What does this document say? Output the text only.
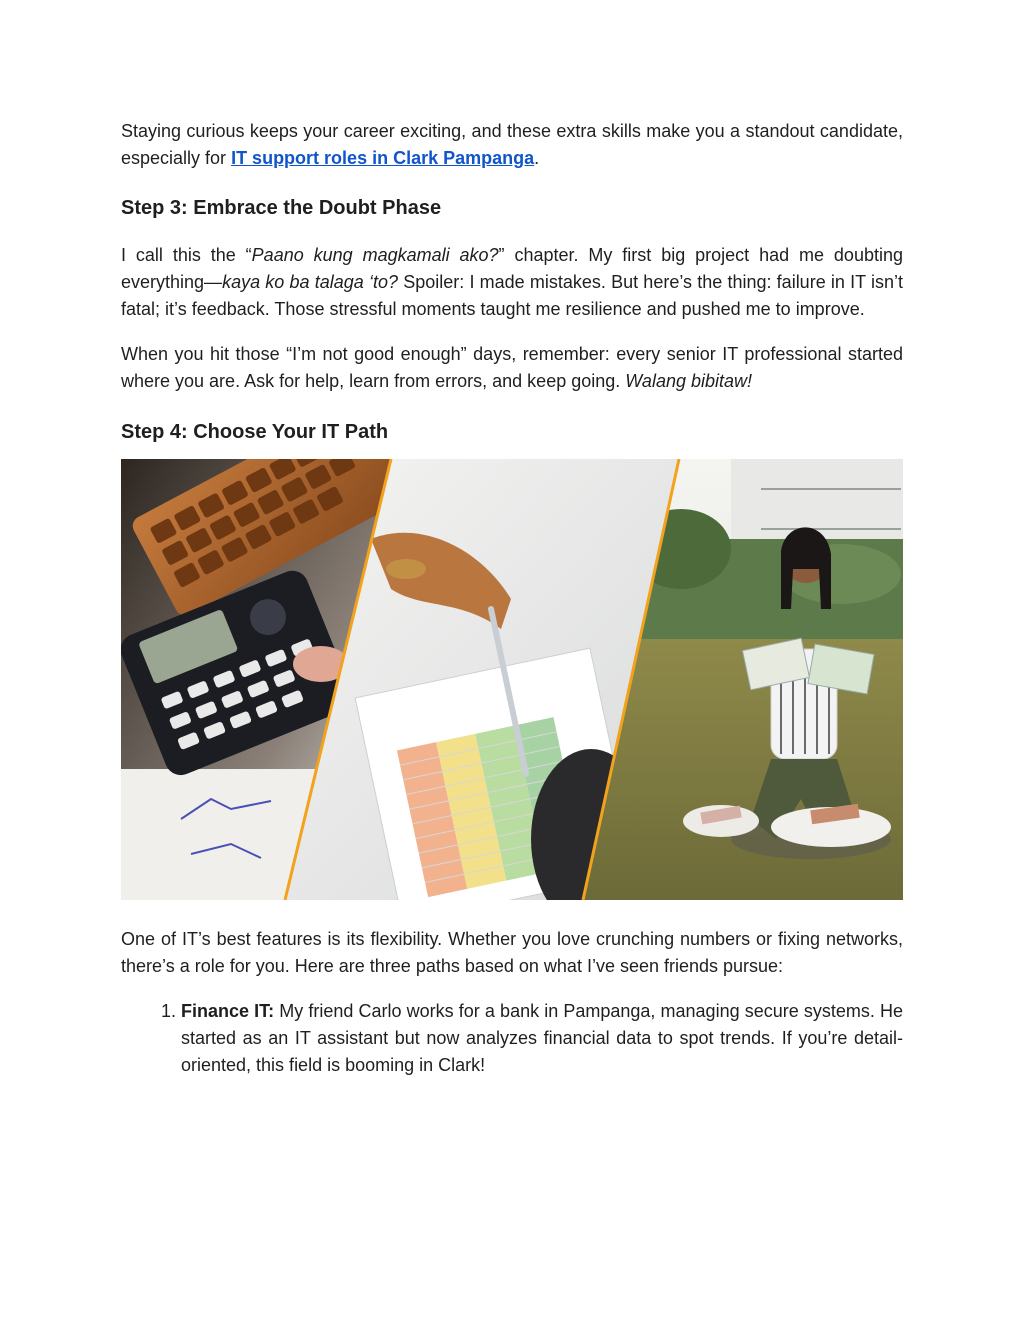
Staying curious keeps your career exciting, and these extra skills make you a standout candidate, especially for IT support roles in Clark Pampanga.

Step 3: Embrace the Doubt Phase

I call this the “Paano kung magkamali ako?” chapter. My first big project had me doubting everything—kaya ko ba talaga ‘to? Spoiler: I made mistakes. But here’s the thing: failure in IT isn’t fatal; it’s feedback. Those stressful moments taught me resilience and pushed me to improve.

When you hit those “I’m not good enough” days, remember: every senior IT professional started where you are. Ask for help, learn from errors, and keep going. Walang bibitaw!

Step 4: Choose Your IT Path

One of IT’s best features is its flexibility. Whether you love crunching numbers or fixing networks, there’s a role for you. Here are three paths based on what I’ve seen friends pursue:

1. Finance IT: My friend Carlo works for a bank in Pampanga, managing secure systems. He started as an IT assistant but now analyzes financial data to spot trends. If you’re detail-oriented, this field is booming in Clark!
